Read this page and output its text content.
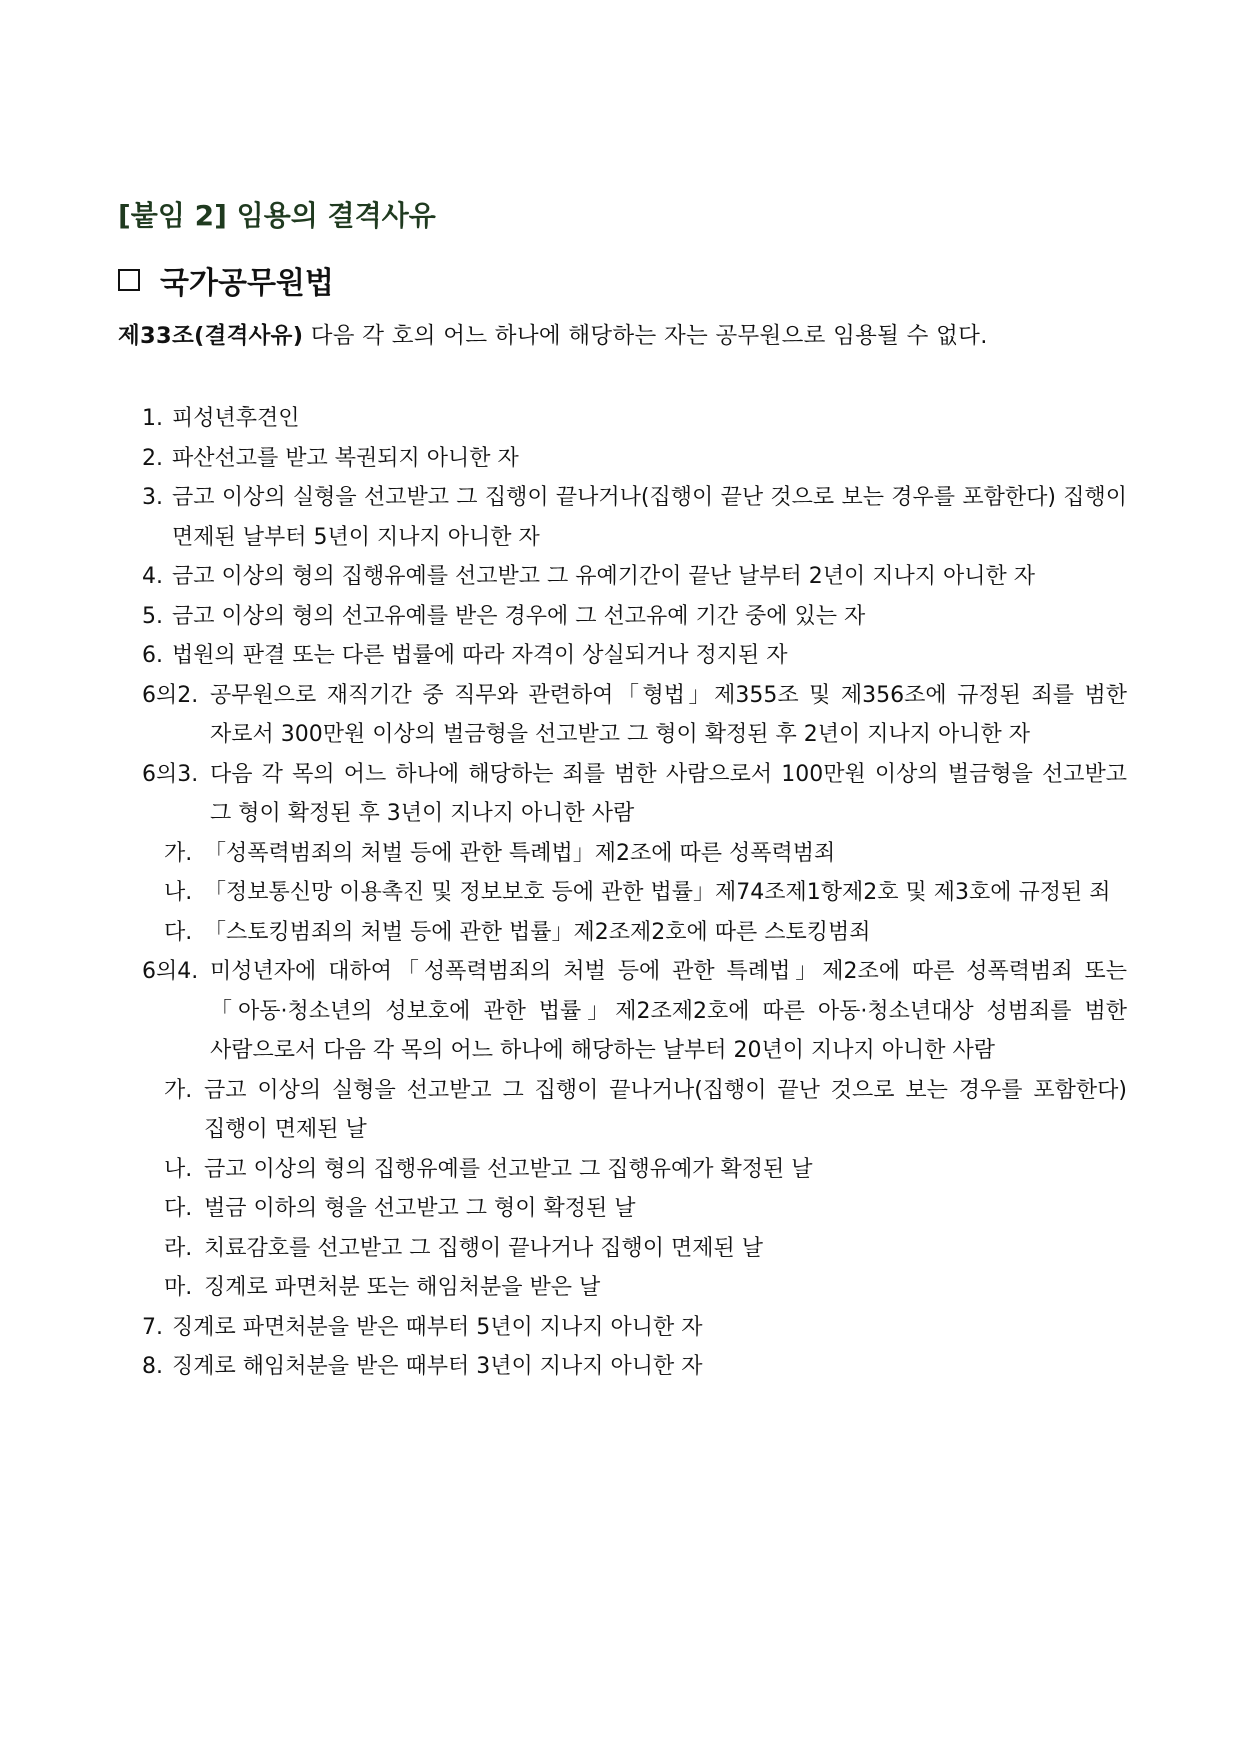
[붙임 2] 임용의 결격사유
국가공무원법
제33조(결격사유) 다음 각 호의 어느 하나에 해당하는 자는 공무원으로 임용될 수 없다.
1. 피성년후견인
2. 파산선고를 받고 복권되지 아니한 자
3. 금고 이상의 실형을 선고받고 그 집행이 끝나거나(집행이 끝난 것으로 보는 경우를 포함한다) 집행이 면제된 날부터 5년이 지나지 아니한 자
4. 금고 이상의 형의 집행유예를 선고받고 그 유예기간이 끝난 날부터 2년이 지나지 아니한 자
5. 금고 이상의 형의 선고유예를 받은 경우에 그 선고유예 기간 중에 있는 자
6. 법원의 판결 또는 다른 법률에 따라 자격이 상실되거나 정지된 자
6의2. 공무원으로 재직기간 중 직무와 관련하여「형법」제355조 및 제356조에 규정된 죄를 범한 자로서 300만원 이상의 벌금형을 선고받고 그 형이 확정된 후 2년이 지나지 아니한 자
6의3. 다음 각 목의 어느 하나에 해당하는 죄를 범한 사람으로서 100만원 이상의 벌금형을 선고받고 그 형이 확정된 후 3년이 지나지 아니한 사람
가. 「성폭력범죄의 처벌 등에 관한 특례법」제2조에 따른 성폭력범죄
나. 「정보통신망 이용촉진 및 정보보호 등에 관한 법률」제74조제1항제2호 및 제3호에 규정된 죄
다. 「스토킹범죄의 처벌 등에 관한 법률」제2조제2호에 따른 스토킹범죄
6의4. 미성년자에 대하여「성폭력범죄의 처벌 등에 관한 특례법」제2조에 따른 성폭력범죄 또는「아동·청소년의 성보호에 관한 법률」제2조제2호에 따른 아동·청소년대상 성범죄를 범한 사람으로서 다음 각 목의 어느 하나에 해당하는 날부터 20년이 지나지 아니한 사람
가. 금고 이상의 실형을 선고받고 그 집행이 끝나거나(집행이 끝난 것으로 보는 경우를 포함한다) 집행이 면제된 날
나. 금고 이상의 형의 집행유예를 선고받고 그 집행유예가 확정된 날
다. 벌금 이하의 형을 선고받고 그 형이 확정된 날
라. 치료감호를 선고받고 그 집행이 끝나거나 집행이 면제된 날
마. 징계로 파면처분 또는 해임처분을 받은 날
7. 징계로 파면처분을 받은 때부터 5년이 지나지 아니한 자
8. 징계로 해임처분을 받은 때부터 3년이 지나지 아니한 자
